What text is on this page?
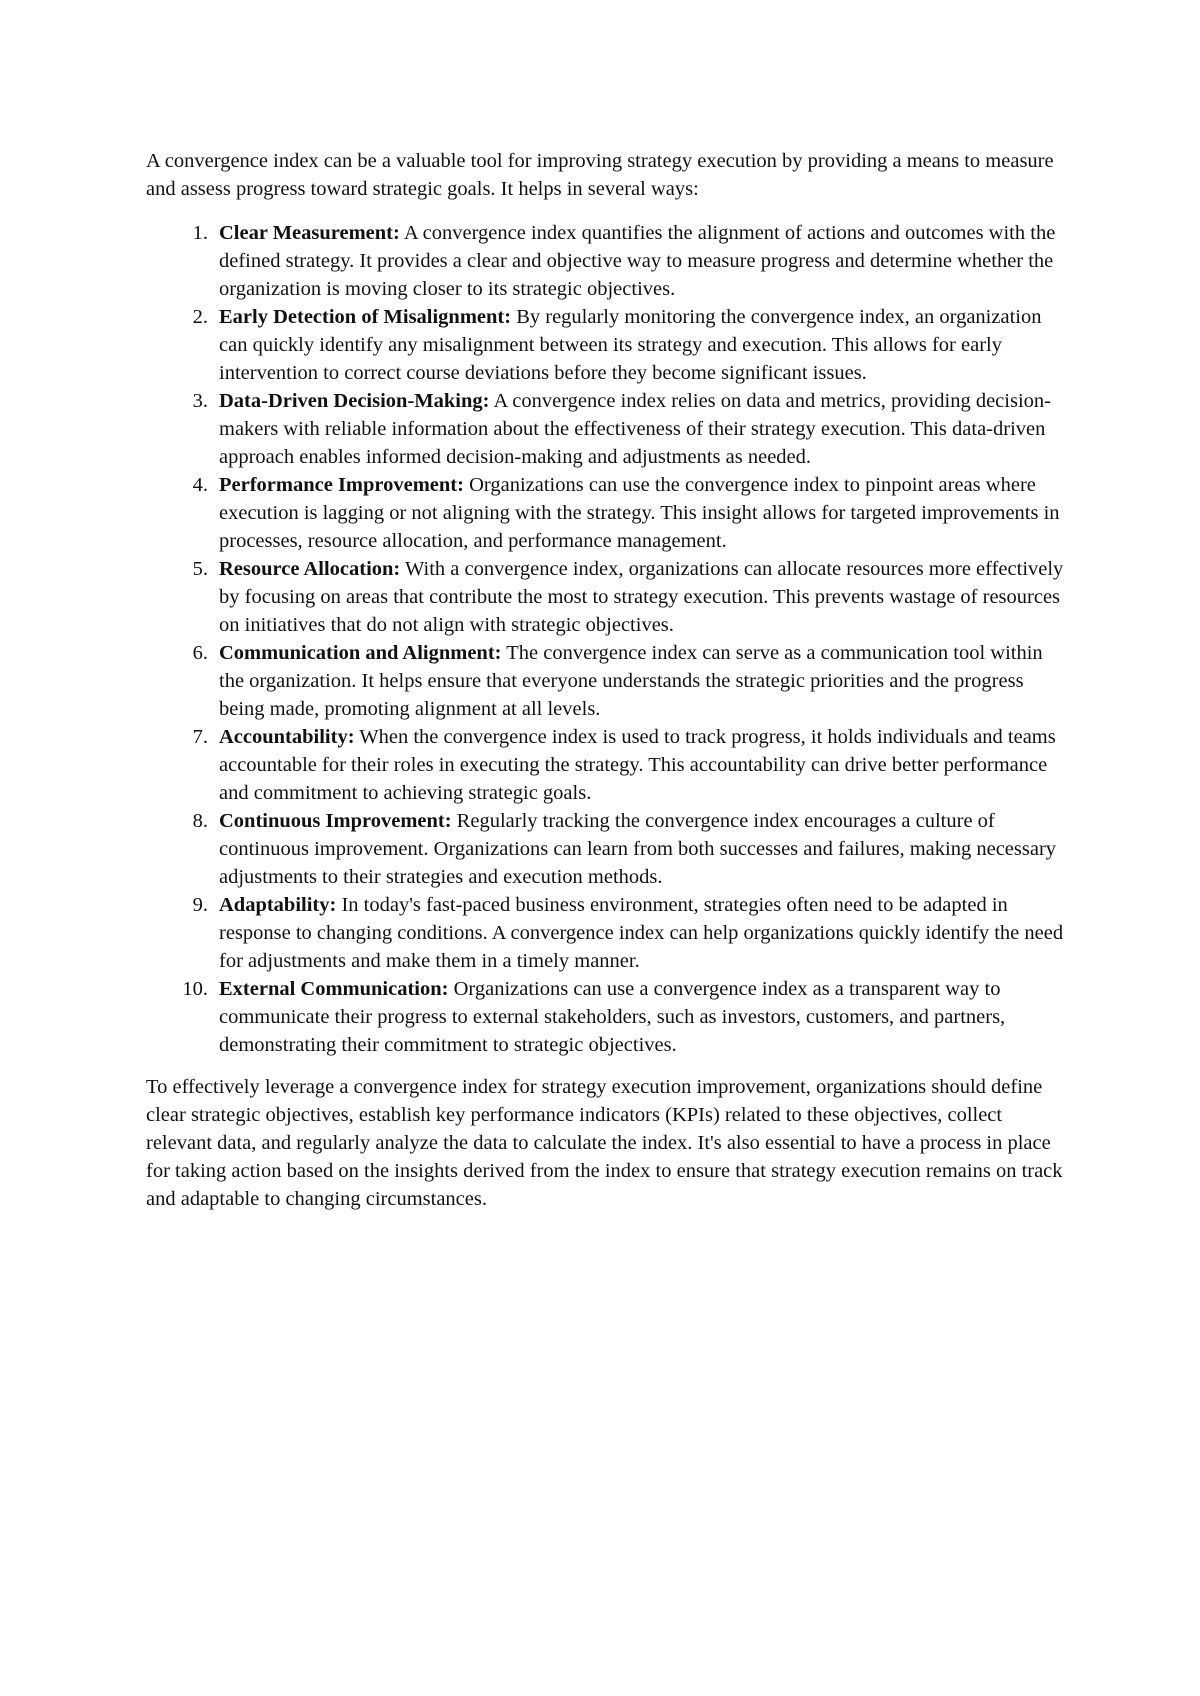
A convergence index can be a valuable tool for improving strategy execution by providing a means to measure and assess progress toward strategic goals. It helps in several ways:

1. Clear Measurement: A convergence index quantifies the alignment of actions and outcomes with the defined strategy. It provides a clear and objective way to measure progress and determine whether the organization is moving closer to its strategic objectives.
2. Early Detection of Misalignment: By regularly monitoring the convergence index, an organization can quickly identify any misalignment between its strategy and execution. This allows for early intervention to correct course deviations before they become significant issues.
3. Data-Driven Decision-Making: A convergence index relies on data and metrics, providing decision-makers with reliable information about the effectiveness of their strategy execution. This data-driven approach enables informed decision-making and adjustments as needed.
4. Performance Improvement: Organizations can use the convergence index to pinpoint areas where execution is lagging or not aligning with the strategy. This insight allows for targeted improvements in processes, resource allocation, and performance management.
5. Resource Allocation: With a convergence index, organizations can allocate resources more effectively by focusing on areas that contribute the most to strategy execution. This prevents wastage of resources on initiatives that do not align with strategic objectives.
6. Communication and Alignment: The convergence index can serve as a communication tool within the organization. It helps ensure that everyone understands the strategic priorities and the progress being made, promoting alignment at all levels.
7. Accountability: When the convergence index is used to track progress, it holds individuals and teams accountable for their roles in executing the strategy. This accountability can drive better performance and commitment to achieving strategic goals.
8. Continuous Improvement: Regularly tracking the convergence index encourages a culture of continuous improvement. Organizations can learn from both successes and failures, making necessary adjustments to their strategies and execution methods.
9. Adaptability: In today's fast-paced business environment, strategies often need to be adapted in response to changing conditions. A convergence index can help organizations quickly identify the need for adjustments and make them in a timely manner.
10. External Communication: Organizations can use a convergence index as a transparent way to communicate their progress to external stakeholders, such as investors, customers, and partners, demonstrating their commitment to strategic objectives.

To effectively leverage a convergence index for strategy execution improvement, organizations should define clear strategic objectives, establish key performance indicators (KPIs) related to these objectives, collect relevant data, and regularly analyze the data to calculate the index. It's also essential to have a process in place for taking action based on the insights derived from the index to ensure that strategy execution remains on track and adaptable to changing circumstances.
